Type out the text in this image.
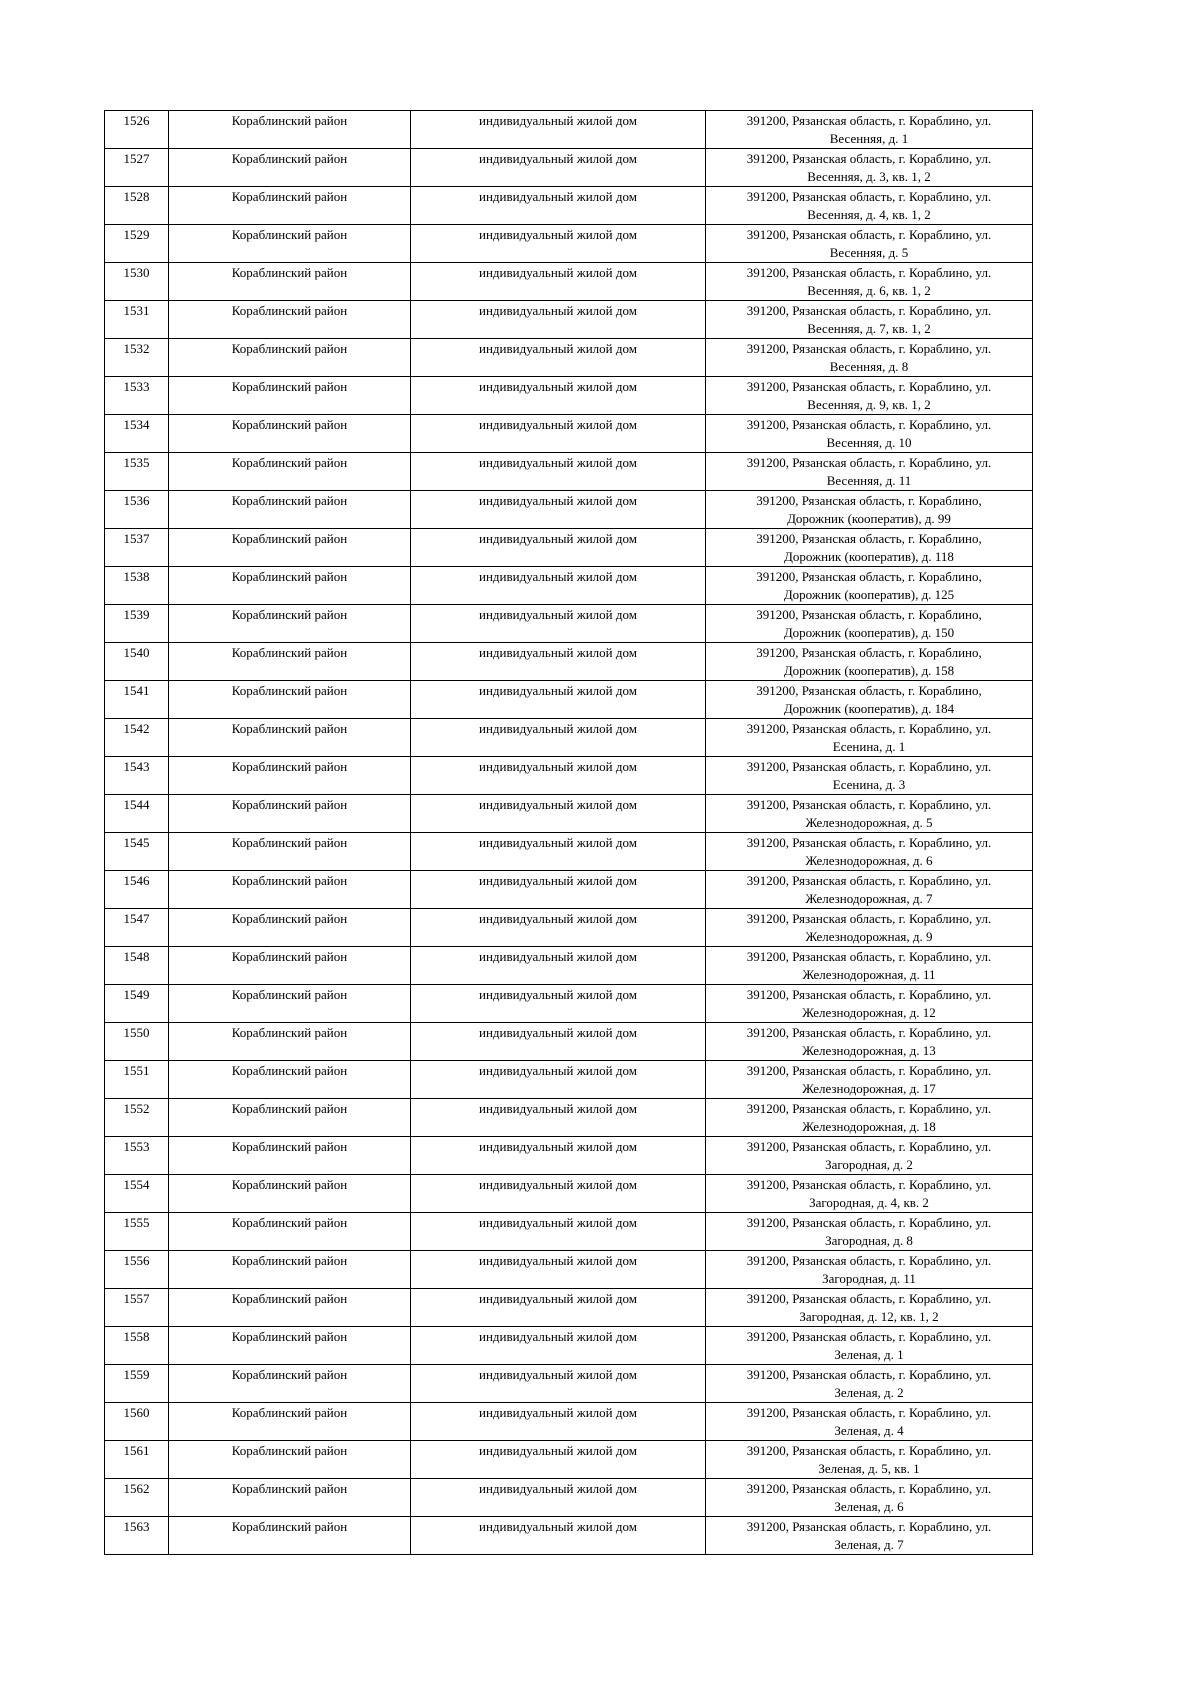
1526	Кораблинский район	индивидуальный жилой дом	391200, Рязанская область, г. Кораблино, ул.
Весенняя, д. 1

1527	Кораблинский район	индивидуальный жилой дом	391200, Рязанская область, г. Кораблино, ул.
Весенняя, д. 3, кв. 1, 2

1528	Кораблинский район	индивидуальный жилой дом	391200, Рязанская область, г. Кораблино, ул.
Весенняя, д. 4, кв. 1, 2

1529	Кораблинский район	индивидуальный жилой дом	391200, Рязанская область, г. Кораблино, ул.
Весенняя, д. 5

1530	Кораблинский район	индивидуальный жилой дом	391200, Рязанская область, г. Кораблино, ул.
Весенняя, д. 6, кв. 1, 2

1531	Кораблинский район	индивидуальный жилой дом	391200, Рязанская область, г. Кораблино, ул.
Весенняя, д. 7, кв. 1, 2

1532	Кораблинский район	индивидуальный жилой дом	391200, Рязанская область, г. Кораблино, ул.
Весенняя, д. 8

1533	Кораблинский район	индивидуальный жилой дом	391200, Рязанская область, г. Кораблино, ул.
Весенняя, д. 9, кв. 1, 2

1534	Кораблинский район	индивидуальный жилой дом	391200, Рязанская область, г. Кораблино, ул.
Весенняя, д. 10

1535	Кораблинский район	индивидуальный жилой дом	391200, Рязанская область, г. Кораблино, ул.
Весенняя, д. 11

1536	Кораблинский район	индивидуальный жилой дом	391200, Рязанская область, г. Кораблино,
Дорожник (кооператив), д. 99

1537	Кораблинский район	индивидуальный жилой дом	391200, Рязанская область, г. Кораблино,
Дорожник (кооператив), д. 118

1538	Кораблинский район	индивидуальный жилой дом	391200, Рязанская область, г. Кораблино,
Дорожник (кооператив), д. 125

1539	Кораблинский район	индивидуальный жилой дом	391200, Рязанская область, г. Кораблино,
Дорожник (кооператив), д. 150

1540	Кораблинский район	индивидуальный жилой дом	391200, Рязанская область, г. Кораблино,
Дорожник (кооператив), д. 158

1541	Кораблинский район	индивидуальный жилой дом	391200, Рязанская область, г. Кораблино,
Дорожник (кооператив), д. 184

1542	Кораблинский район	индивидуальный жилой дом	391200, Рязанская область, г. Кораблино, ул.
Есенина, д. 1

1543	Кораблинский район	индивидуальный жилой дом	391200, Рязанская область, г. Кораблино, ул.
Есенина, д. 3

1544	Кораблинский район	индивидуальный жилой дом	391200, Рязанская область, г. Кораблино, ул.
Железнодорожная, д. 5

1545	Кораблинский район	индивидуальный жилой дом	391200, Рязанская область, г. Кораблино, ул.
Железнодорожная, д. 6

1546	Кораблинский район	индивидуальный жилой дом	391200, Рязанская область, г. Кораблино, ул.
Железнодорожная, д. 7

1547	Кораблинский район	индивидуальный жилой дом	391200, Рязанская область, г. Кораблино, ул.
Железнодорожная, д. 9

1548	Кораблинский район	индивидуальный жилой дом	391200, Рязанская область, г. Кораблино, ул.
Железнодорожная, д. 11

1549	Кораблинский район	индивидуальный жилой дом	391200, Рязанская область, г. Кораблино, ул.
Железнодорожная, д. 12

1550	Кораблинский район	индивидуальный жилой дом	391200, Рязанская область, г. Кораблино, ул.
Железнодорожная, д. 13

1551	Кораблинский район	индивидуальный жилой дом	391200, Рязанская область, г. Кораблино, ул.
Железнодорожная, д. 17

1552	Кораблинский район	индивидуальный жилой дом	391200, Рязанская область, г. Кораблино, ул.
Железнодорожная, д. 18

1553	Кораблинский район	индивидуальный жилой дом	391200, Рязанская область, г. Кораблино, ул.
Загородная, д. 2

1554	Кораблинский район	индивидуальный жилой дом	391200, Рязанская область, г. Кораблино, ул.
Загородная, д. 4, кв. 2

1555	Кораблинский район	индивидуальный жилой дом	391200, Рязанская область, г. Кораблино, ул.
Загородная, д. 8

1556	Кораблинский район	индивидуальный жилой дом	391200, Рязанская область, г. Кораблино, ул.
Загородная, д. 11

1557	Кораблинский район	индивидуальный жилой дом	391200, Рязанская область, г. Кораблино, ул.
Загородная, д. 12, кв. 1, 2

1558	Кораблинский район	индивидуальный жилой дом	391200, Рязанская область, г. Кораблино, ул.
Зеленая, д. 1

1559	Кораблинский район	индивидуальный жилой дом	391200, Рязанская область, г. Кораблино, ул.
Зеленая, д. 2

1560	Кораблинский район	индивидуальный жилой дом	391200, Рязанская область, г. Кораблино, ул.
Зеленая, д. 4

1561	Кораблинский район	индивидуальный жилой дом	391200, Рязанская область, г. Кораблино, ул.
Зеленая, д. 5, кв. 1

1562	Кораблинский район	индивидуальный жилой дом	391200, Рязанская область, г. Кораблино, ул.
Зеленая, д. 6

1563	Кораблинский район	индивидуальный жилой дом	391200, Рязанская область, г. Кораблино, ул.
Зеленая, д. 7
